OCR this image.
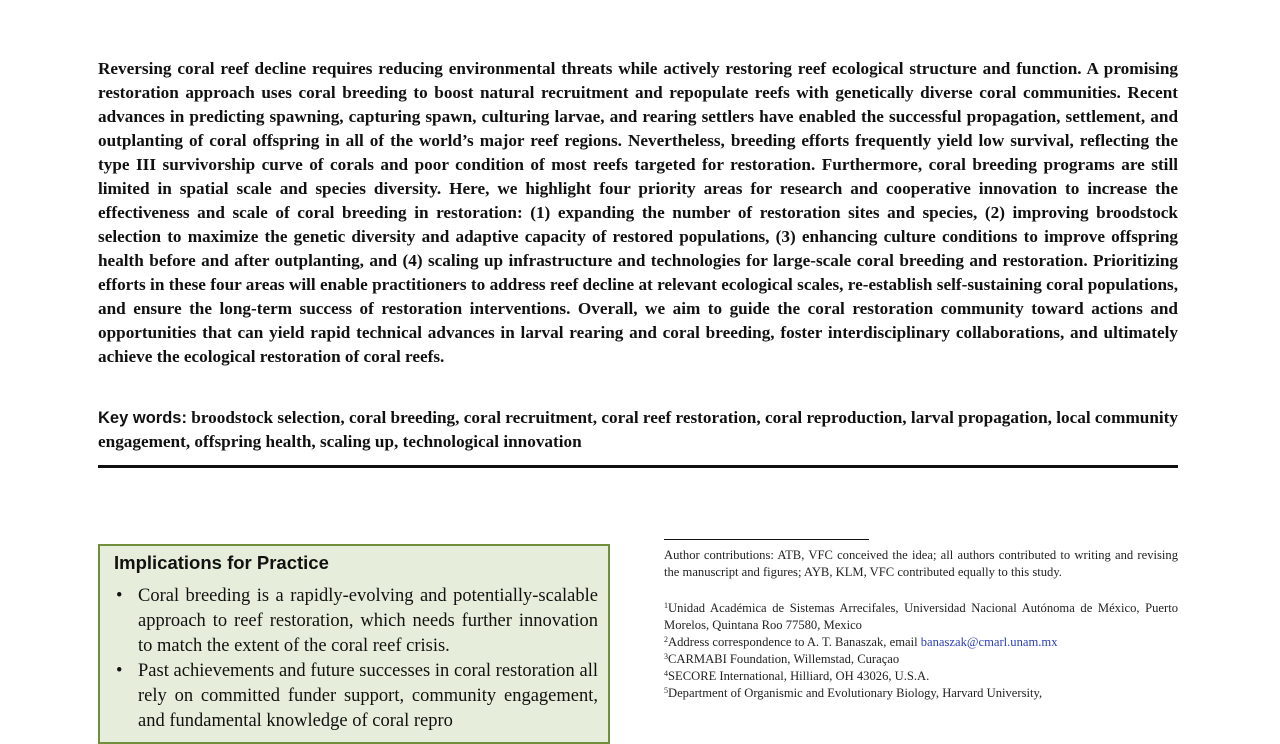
Reversing coral reef decline requires reducing environmental threats while actively restoring reef ecological structure and function. A promising restoration approach uses coral breeding to boost natural recruitment and repopulate reefs with genetically diverse coral communities. Recent advances in predicting spawning, capturing spawn, culturing larvae, and rearing settlers have enabled the successful propagation, settlement, and outplanting of coral offspring in all of the world’s major reef regions. Nevertheless, breeding efforts frequently yield low survival, reflecting the type III survivorship curve of corals and poor condition of most reefs targeted for restoration. Furthermore, coral breeding programs are still limited in spatial scale and species diversity. Here, we highlight four priority areas for research and cooperative innovation to increase the effectiveness and scale of coral breeding in restoration: (1) expanding the number of restoration sites and species, (2) improving broodstock selection to maximize the genetic diversity and adaptive capacity of restored populations, (3) enhancing culture conditions to improve offspring health before and after outplanting, and (4) scaling up infrastructure and technologies for large-scale coral breeding and restoration. Prioritizing efforts in these four areas will enable practitioners to address reef decline at relevant ecological scales, re-establish self-sustaining coral populations, and ensure the long-term success of restoration interventions. Overall, we aim to guide the coral restoration community toward actions and opportunities that can yield rapid technical advances in larval rearing and coral breeding, foster interdisciplinary collaborations, and ultimately achieve the ecological restoration of coral reefs.

Key words: broodstock selection, coral breeding, coral recruitment, coral reef restoration, coral reproduction, larval propagation, local community engagement, offspring health, scaling up, technological innovation

Implications for Practice
• Coral breeding is a rapidly-evolving and potentially-scalable approach to reef restoration, which needs further innovation to match the extent of the coral reef crisis.
• Past achievements and future successes in coral restoration all rely on committed funder support, community engagement, and fundamental knowledge of coral repro

Author contributions: ATB, VFC conceived the idea; all authors contributed to writing and revising the manuscript and figures; AYB, KLM, VFC contributed equally to this study.

$^1$Unidad Académica de Sistemas Arrecifales, Universidad Nacional Autónoma de México, Puerto Morelos, Quintana Roo 77580, Mexico

$^2$Address correspondence to A. T. Banaszak, email banaszak@cmarl.unam.mx

$^3$CARMABI Foundation, Willemstad, Curaçao

$^4$SECORE International, Hilliard, OH 43026, U.S.A.

$^5$Department of Organismic and Evolutionary Biology, Harvard University,
